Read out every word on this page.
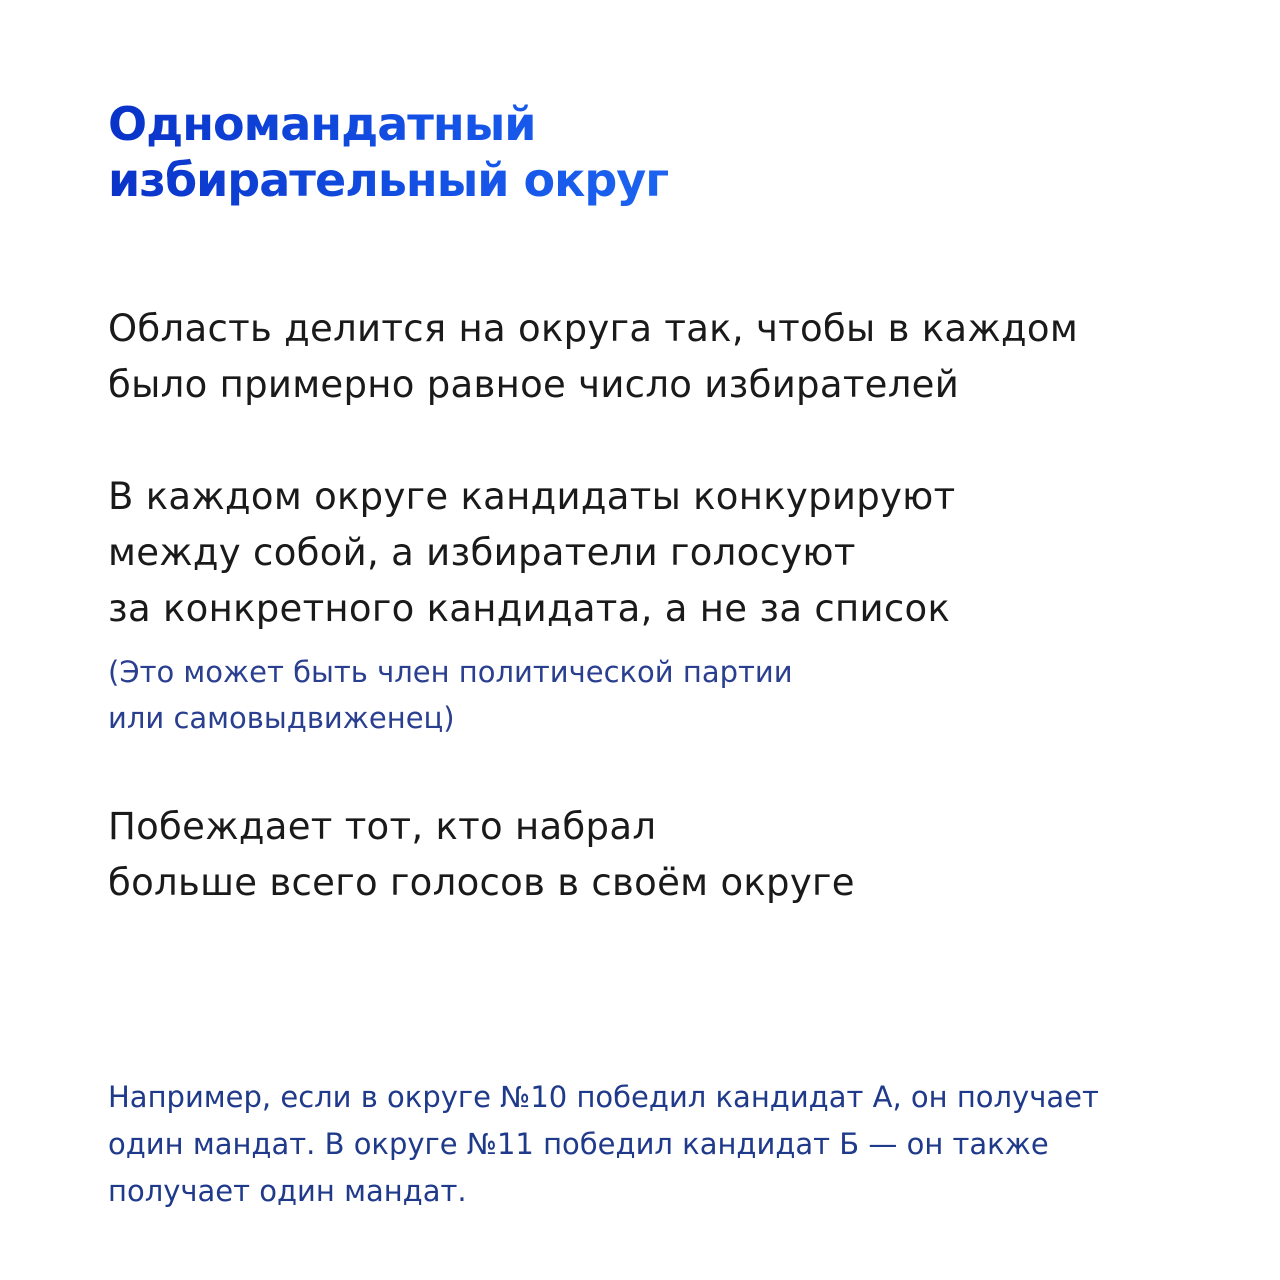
Одномандатный
избирательный округ

Область делится на округа так, чтобы в каждом
было примерно равное число избирателей

В каждом округе кандидаты конкурируют
между собой, а избиратели голосуют
за конкретного кандидата, а не за список

(Это может быть член политической партии
или самовыдвиженец)

Побеждает тот, кто набрал
больше всего голосов в своём округе

Например, если в округе №10 победил кандидат А, он получает
один мандат. В округе №11 победил кандидат Б — он также
получает один мандат.
